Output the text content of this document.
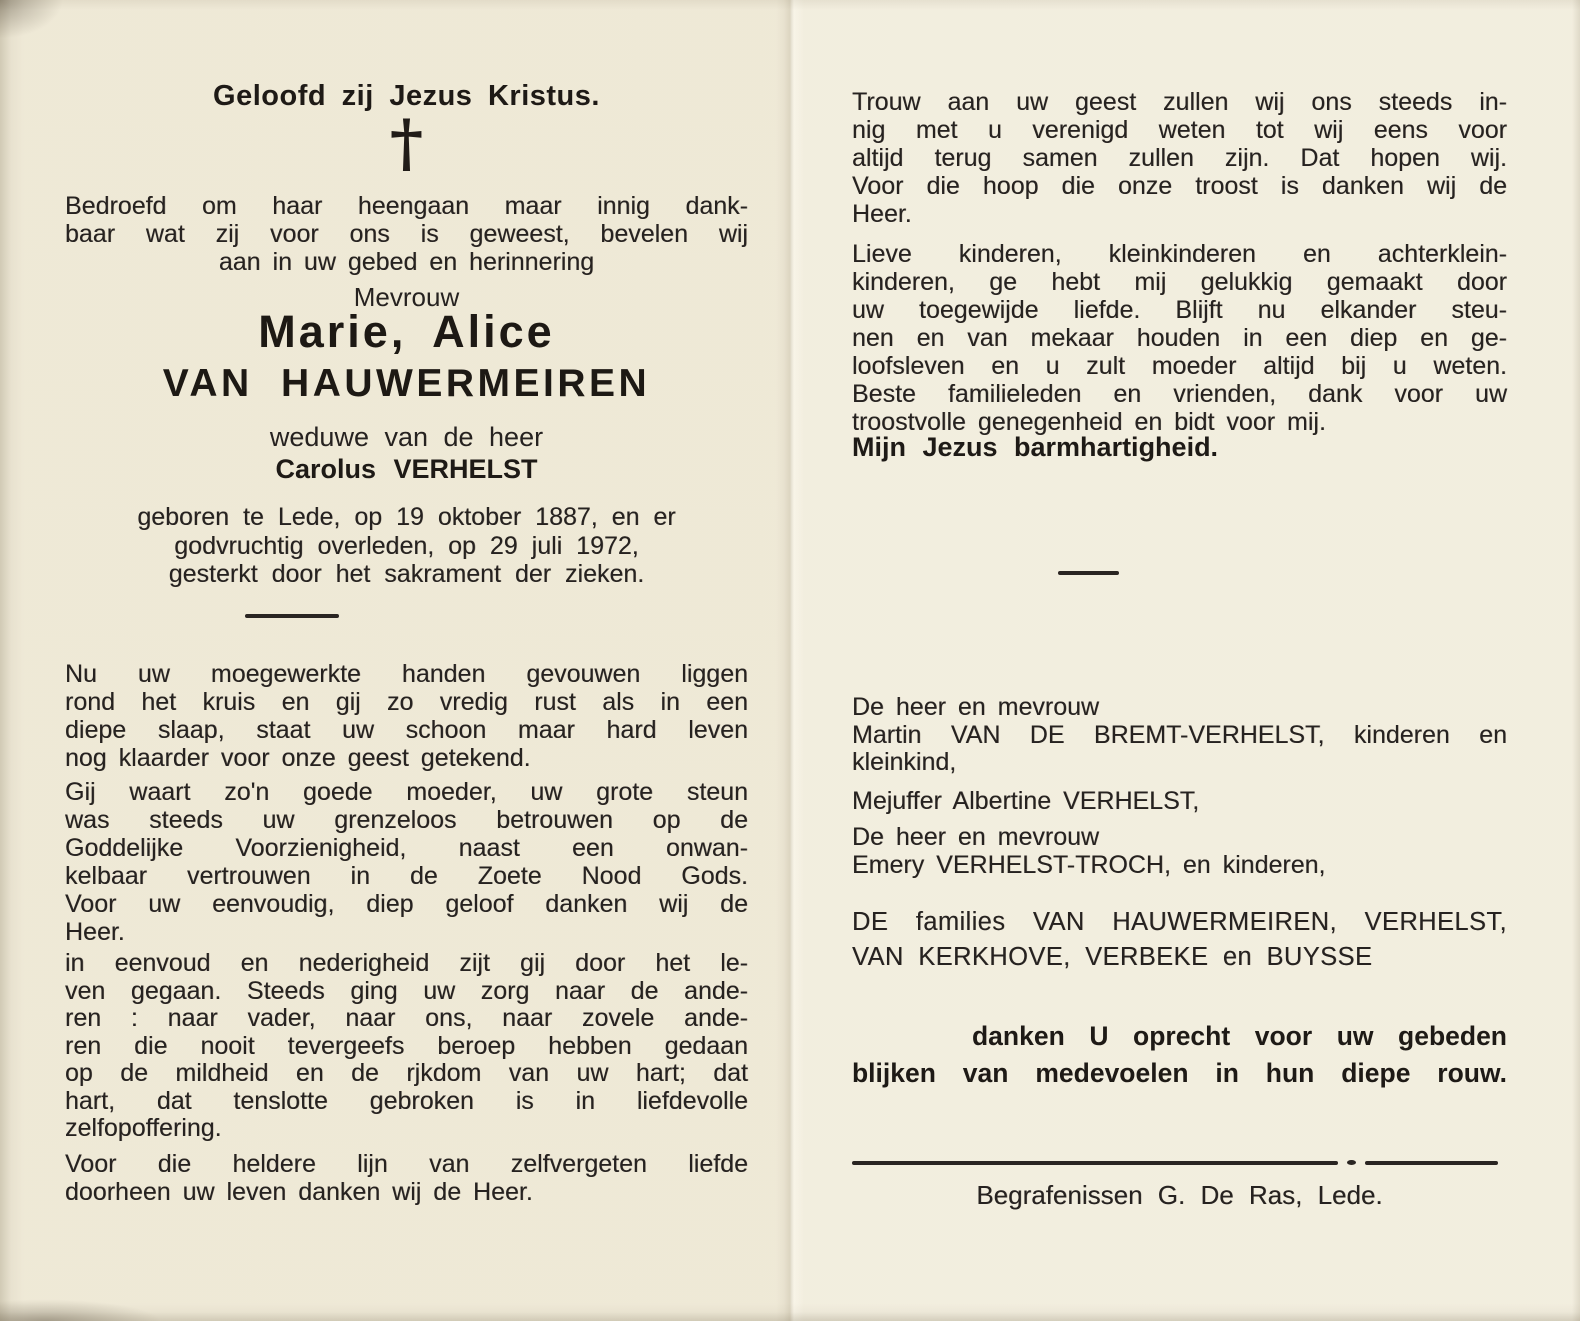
Geloofd zij Jezus Kristus.
†
Bedroefd om haar heengaan maar innig dank-
baar wat zij voor ons is geweest, bevelen wij
aan in uw gebed en herinnering
Mevrouw
Marie, Alice
VAN HAUWERMEIREN
weduwe van de heer
Carolus VERHELST
geboren te Lede, op 19 oktober 1887, en er
godvruchtig overleden, op 29 juli 1972,
gesterkt door het sakrament der zieken.
Nu uw moegewerkte handen gevouwen liggen
rond het kruis en gij zo vredig rust als in een
diepe slaap, staat uw schoon maar hard leven
nog klaarder voor onze geest getekend.
Gij waart zo'n goede moeder, uw grote steun
was steeds uw grenzeloos betrouwen op de
Goddelijke Voorzienigheid, naast een onwan-
kelbaar vertrouwen in de Zoete Nood Gods.
Voor uw eenvoudig, diep geloof danken wij de
Heer.
in eenvoud en nederigheid zijt gij door het le-
ven gegaan. Steeds ging uw zorg naar de ande-
ren : naar vader, naar ons, naar zovele ande-
ren die nooit tevergeefs beroep hebben gedaan
op de mildheid en de rjkdom van uw hart; dat
hart, dat tenslotte gebroken is in liefdevolle
zelfopoffering.
Voor die heldere lijn van zelfvergeten liefde
doorheen uw leven danken wij de Heer.
Trouw aan uw geest zullen wij ons steeds in-
nig met u verenigd weten tot wij eens voor
altijd terug samen zullen zijn. Dat hopen wij.
Voor die hoop die onze troost is danken wij de
Heer.
Lieve kinderen, kleinkinderen en achterklein-
kinderen, ge hebt mij gelukkig gemaakt door
uw toegewijde liefde. Blijft nu elkander steu-
nen en van mekaar houden in een diep en ge-
loofsleven en u zult moeder altijd bij u weten.
Beste familieleden en vrienden, dank voor uw
troostvolle genegenheid en bidt voor mij.
Mijn Jezus barmhartigheid.
De heer en mevrouw
Martin VAN DE BREMT-VERHELST, kinderen en
kleinkind,
Mejuffer Albertine VERHELST,
De heer en mevrouw
Emery VERHELST-TROCH, en kinderen,
DE families VAN HAUWERMEIREN, VERHELST,
VAN KERKHOVE, VERBEKE en BUYSSE
danken U oprecht voor uw gebeden
blijken van medevoelen in hun diepe rouw.
Begrafenissen G. De Ras, Lede.
